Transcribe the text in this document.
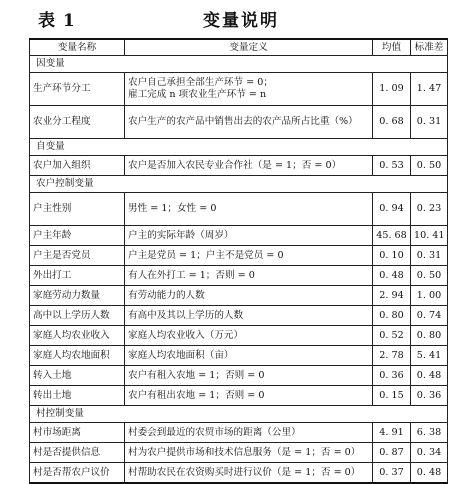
表 1	变量说明
变量名称	变量定义	均值	标准差
因变量			
生产环节分工	农户自己承担全部生产环节 = 0；
雇工完成 n 项农业生产环节 = n	1. 09	1. 47
农业分工程度	农户生产的农产品中销售出去的农产品所占比重（%）	0. 68	0. 31
自变量			
农户加入组织	农户是否加入农民专业合作社（是 = 1；否 = 0）	0. 53	0. 50
农户控制变量			
户主性别	男性 = 1；女性 = 0	0. 94	0. 23
户主年龄	户主的实际年龄（周岁）	45. 68	10. 41
户主是否党员	户主是党员 = 1；户主不是党员 = 0	0. 10	0. 31
外出打工	有人在外打工 = 1；否则 = 0	0. 48	0. 50
家庭劳动力数量	有劳动能力的人数	2. 94	1. 00
高中以上学历人数	有高中及其以上学历的人数	0. 80	0. 74
家庭人均农业收入	家庭人均农业收入（万元）	0. 52	0. 80
家庭人均农地面积	家庭人均农地面积（亩）	2. 78	5. 41
转入土地	农户有租入农地 = 1；否则 = 0	0. 36	0. 48
转出土地	农户有租出农地 = 1；否则 = 0	0. 15	0. 36
村控制变量			
村市场距离	村委会到最近的农贸市场的距离（公里）	4. 91	6. 38
村是否提供信息	村为农户提供市场和技术信息服务（是 = 1；否 = 0）	0. 87	0. 34
村是否帮农户议价	村帮助农民在农资购买时进行议价（是 = 1；否 = 0）	0. 37	0. 48
